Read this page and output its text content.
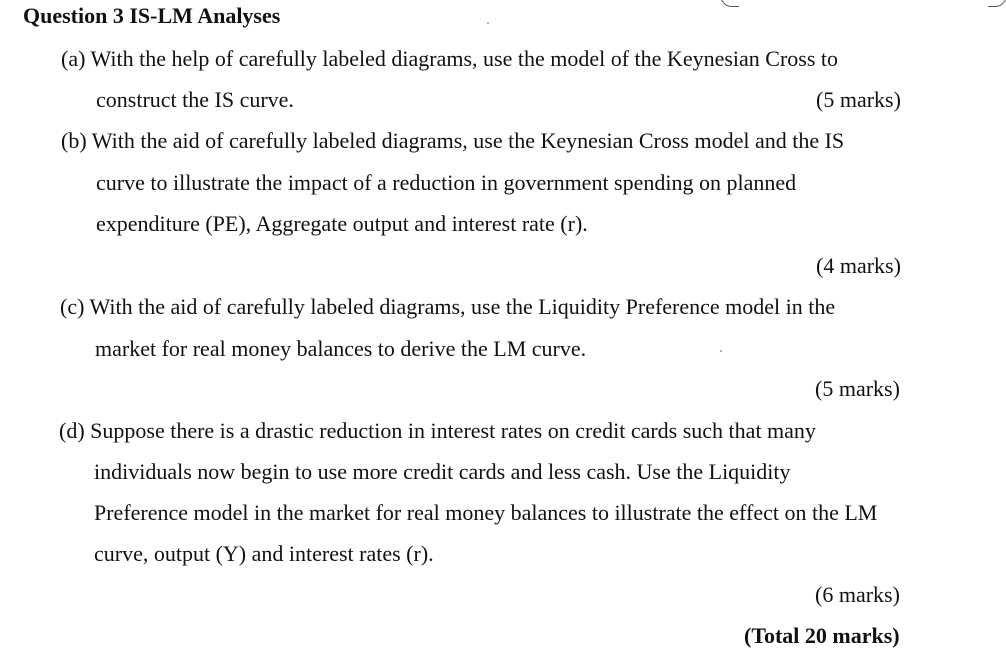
Question 3 IS-LM Analyses
(a) With the help of carefully labeled diagrams, use the model of the Keynesian Cross to
construct the IS curve.	(5 marks)
(b) With the aid of carefully labeled diagrams, use the Keynesian Cross model and the IS
curve to illustrate the impact of a reduction in government spending on planned
expenditure (PE), Aggregate output and interest rate (r).
(4 marks)
(c) With the aid of carefully labeled diagrams, use the Liquidity Preference model in the
market for real money balances to derive the LM curve.
(5 marks)
(d) Suppose there is a drastic reduction in interest rates on credit cards such that many
individuals now begin to use more credit cards and less cash. Use the Liquidity
Preference model in the market for real money balances to illustrate the effect on the LM
curve, output (Y) and interest rates (r).
(6 marks)
(Total 20 marks)
